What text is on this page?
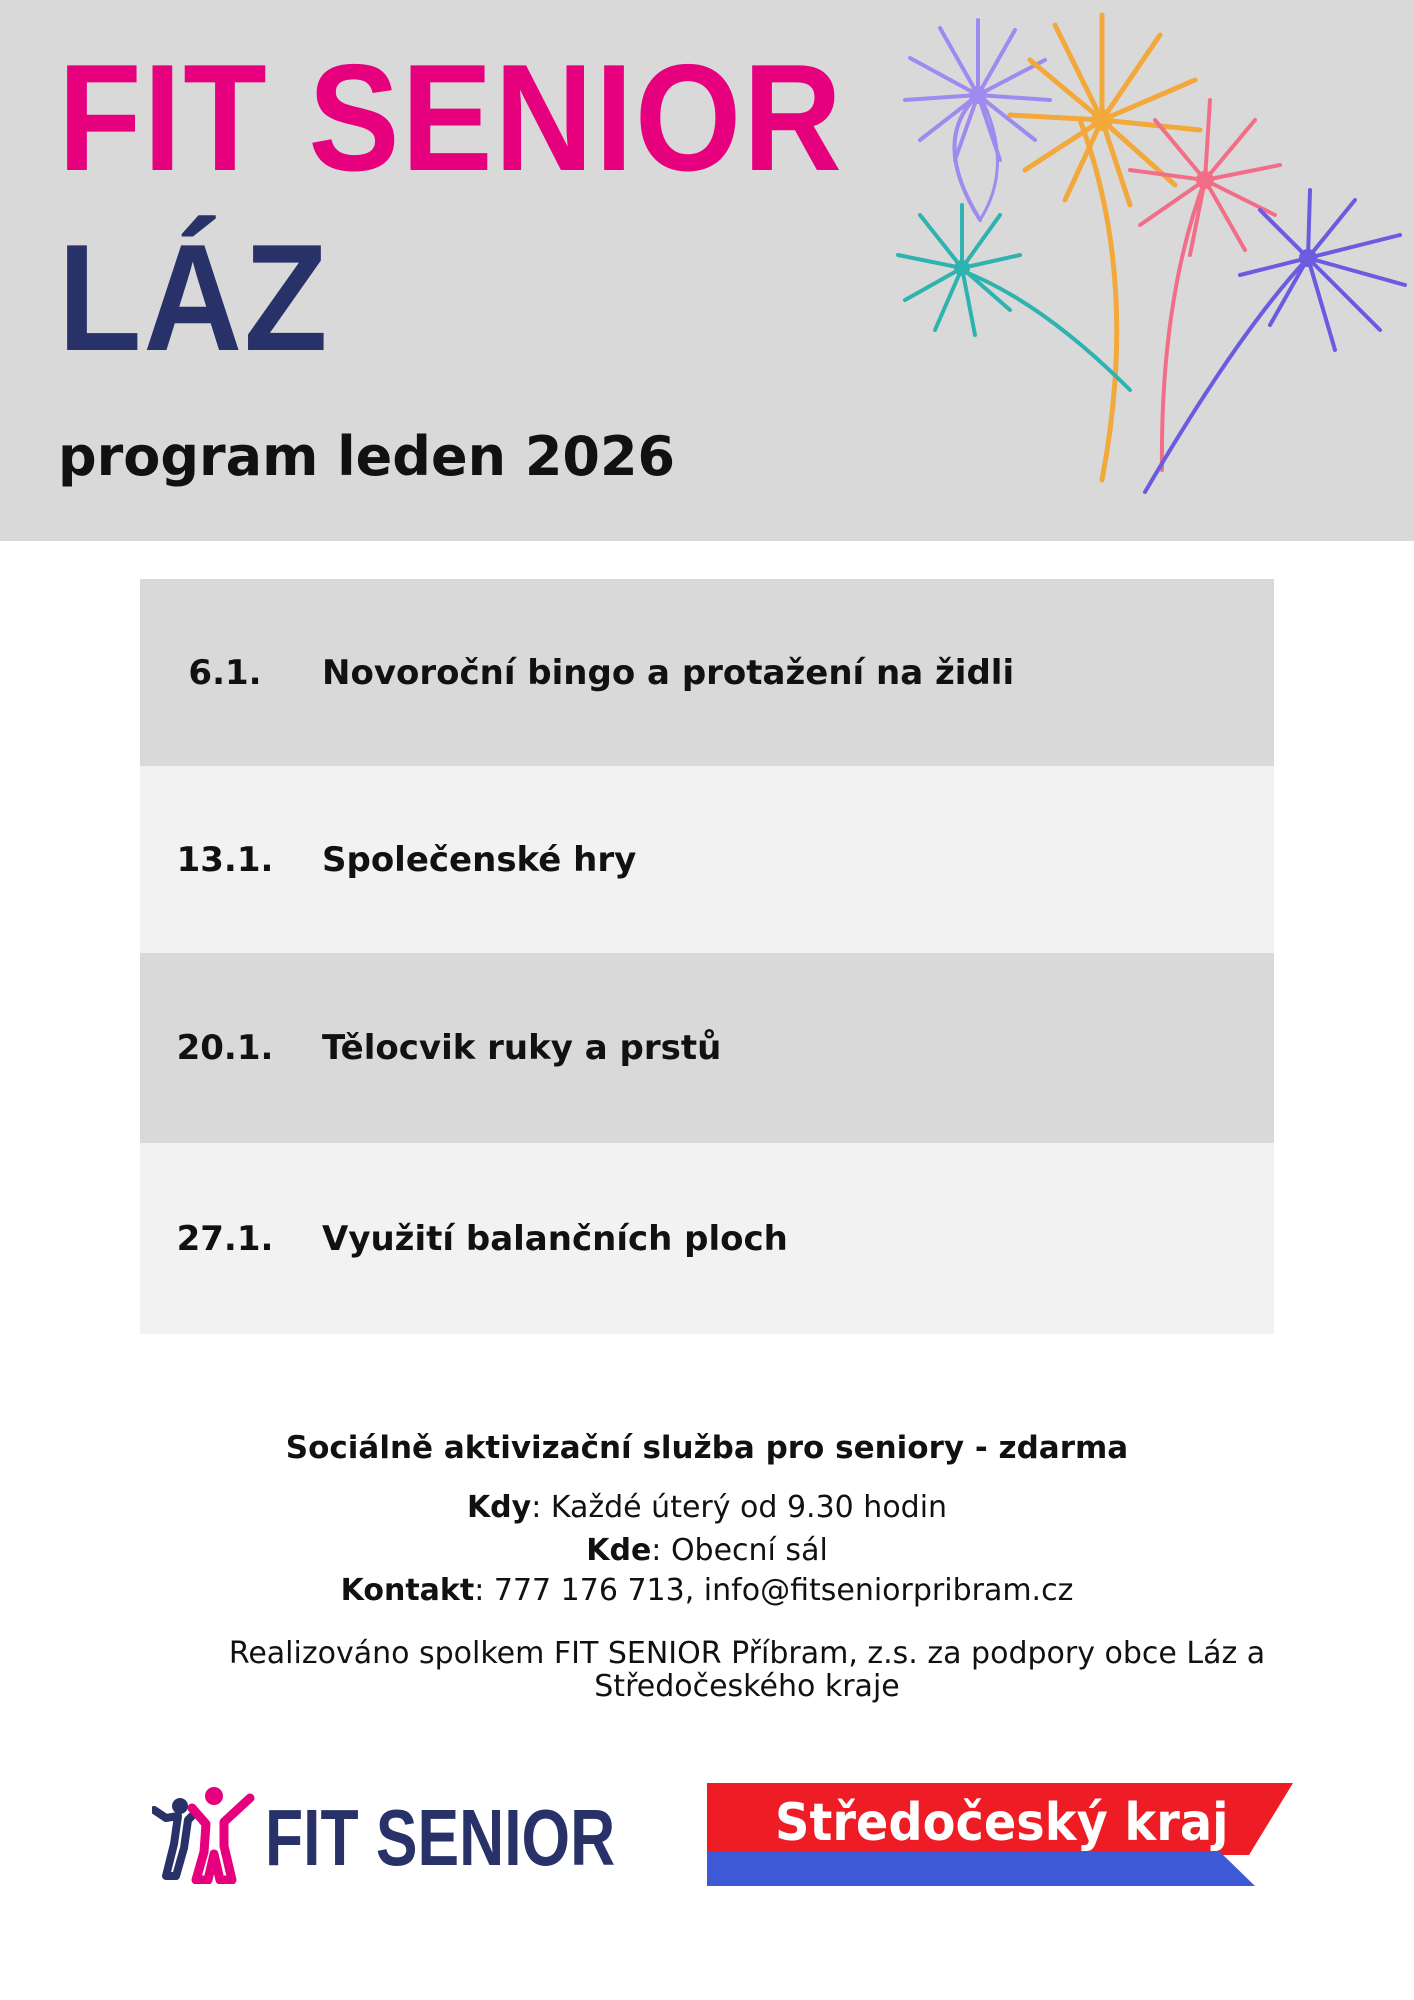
FIT SENIOR
LÁZ
program leden 2026
6.1.	Novoroční bingo a protažení na židli
13.1.	Společenské hry
20.1.	Tělocvik ruky a prstů
27.1.	Využití balančních ploch
Sociálně aktivizační služba pro seniory - zdarma
Kdy: Každé úterý od 9.30 hodin
Kde: Obecní sál
Kontakt: 777 176 713, info@fitseniorpribram.cz
Realizováno spolkem FIT SENIOR Příbram, z.s. za podpory obce Láz a Středočeského kraje
FIT SENIOR	Středočeský kraj
